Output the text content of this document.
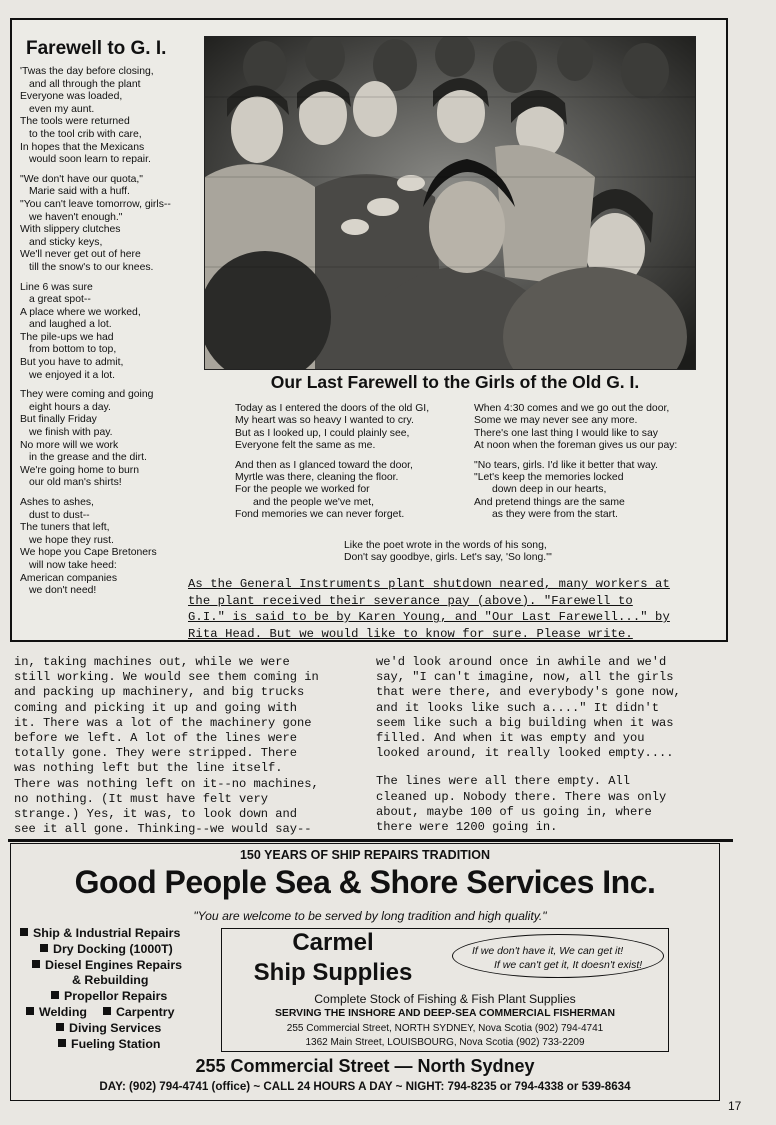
Farewell to G. I.
'Twas the day before closing,
and all through the plant
Everyone was loaded,
even my aunt.
The tools were returned
to the tool crib with care,
In hopes that the Mexicans
would soon learn to repair.
"We don't have our quota,"
Marie said with a huff.
"You can't leave tomorrow, girls--
we haven't enough."
With slippery clutches
and sticky keys,
We'll never get out of here
till the snow's to our knees.
Line 6 was sure
a great spot--
A place where we worked,
and laughed a lot.
The pile-ups we had
from bottom to top,
But you have to admit,
we enjoyed it a lot.
They were coming and going
eight hours a day.
But finally Friday
we finish with pay.
No more will we work
in the grease and the dirt.
We're going home to burn
our old man's shirts!
Ashes to ashes,
dust to dust--
The tuners that left,
we hope they rust.
We hope you Cape Bretoners
will now take heed:
American companies
we don't need!
Our Last Farewell to the Girls of the Old G. I.
Today as I entered the doors of the old GI,
My heart was so heavy I wanted to cry.
But as I looked up, I could plainly see,
Everyone felt the same as me.
And then as I glanced toward the door,
Myrtle was there, cleaning the floor.
For the people we worked for
and the people we've met,
Fond memories we can never forget.
When 4:30 comes and we go out the door,
Some we may never see any more.
There's one last thing I would like to say
At noon when the foreman gives us our pay:
"No tears, girls. I'd like it better that way.
"Let's keep the memories locked
down deep in our hearts,
And pretend things are the same
as they were from the start.
Like the poet wrote in the words of his song,
Don't say goodbye, girls. Let's say, 'So long.'"
As the General Instruments plant shutdown neared, many workers at
the plant received their severance pay (above). "Farewell to
G.I." is said to be by Karen Young, and "Our Last Farewell..." by
Rita Head. But we would like to know for sure. Please write.
in, taking machines out, while we were
still working. We would see them coming in
and packing up machinery, and big trucks
coming and picking it up and going with
it. There was a lot of the machinery gone
before we left. A lot of the lines were
totally gone. They were stripped. There
was nothing left but the line itself.
There was nothing left on it--no machines,
no nothing. (It must have felt very
strange.) Yes, it was, to look down and
see it all gone. Thinking--we would say--
we'd look around once in awhile and we'd
say, "I can't imagine, now, all the girls
that were there, and everybody's gone now,
and it looks like such a...." It didn't
seem like such a big building when it was
filled. And when it was empty and you
looked around, it really looked empty....
The lines were all there empty. All
cleaned up. Nobody there. There was only
about, maybe 100 of us going in, where
there were 1200 going in.
150 YEARS OF SHIP REPAIRS TRADITION
Good People Sea & Shore Services Inc.
"You are welcome to be served by long tradition and high quality."
Ship & Industrial Repairs
Dry Docking (1000T)
Diesel Engines Repairs
& Rebuilding
Propellor Repairs
Welding Carpentry
Diving Services
Fueling Station
Carmel
Ship Supplies
If we don't have it, We can get it!
If we can't get it, It doesn't exist!
Complete Stock of Fishing & Fish Plant Supplies
SERVING THE INSHORE AND DEEP-SEA COMMERCIAL FISHERMAN
255 Commercial Street, NORTH SYDNEY, Nova Scotia (902) 794-4741
1362 Main Street, LOUISBOURG, Nova Scotia (902) 733-2209
255 Commercial Street — North Sydney
DAY: (902) 794-4741 (office) ~ CALL 24 HOURS A DAY ~ NIGHT: 794-8235 or 794-4338 or 539-8634
17
